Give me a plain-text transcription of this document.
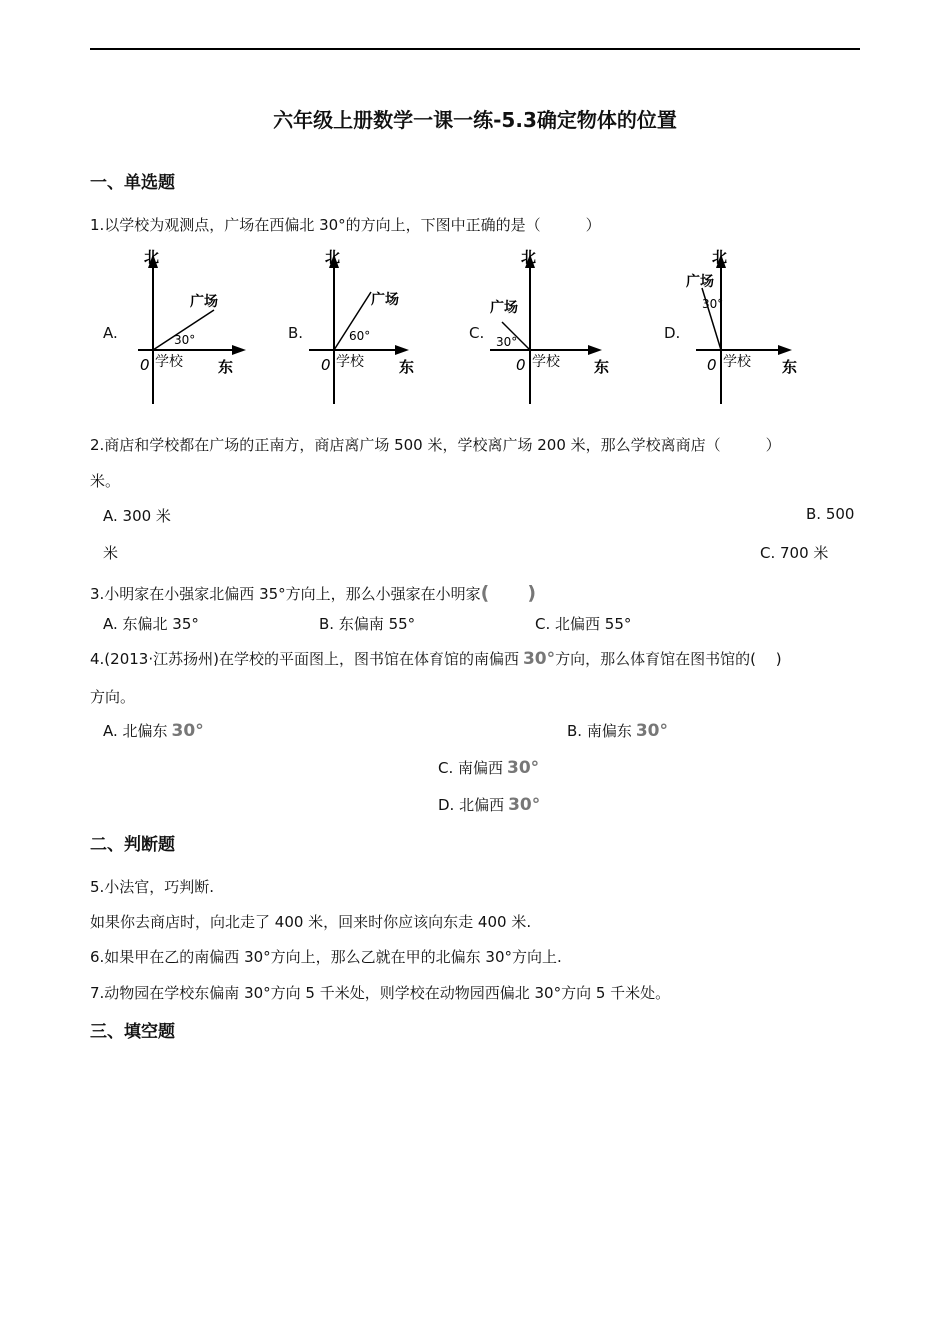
六年级上册数学一课一练-5.3确定物体的位置
一、单选题
1.以学校为观测点，广场在西偏北 30°的方向上，下图中正确的是（　　　）
A.
北
广场
30°
0 学校 东
B.
北
广场
60°
0 学校 东
C.
北
广场
30°
0 学校 东
D.
北
广场
30°
0 学校 东
2.商店和学校都在广场的正南方，商店离广场 500 米，学校离广场 200 米，那么学校离商店（　　　）
米。
A. 300 米	B. 500
米	C. 700 米
3.小明家在小强家北偏西 35°方向上，那么小强家在小明家(　　)
A. 东偏北 35°	B. 东偏南 55°	C. 北偏西 55°
4.(2013·江苏扬州)在学校的平面图上，图书馆在体育馆的南偏西 30°方向，那么体育馆在图书馆的(　 )
方向。
A. 北偏东 30°	B. 南偏东 30°
C. 南偏西 30°
D. 北偏西 30°
二、判断题
5.小法官，巧判断.
如果你去商店时，向北走了 400 米，回来时你应该向东走 400 米.
6.如果甲在乙的南偏西 30°方向上，那么乙就在甲的北偏东 30°方向上.
7.动物园在学校东偏南 30°方向 5 千米处，则学校在动物园西偏北 30°方向 5 千米处。
三、填空题
